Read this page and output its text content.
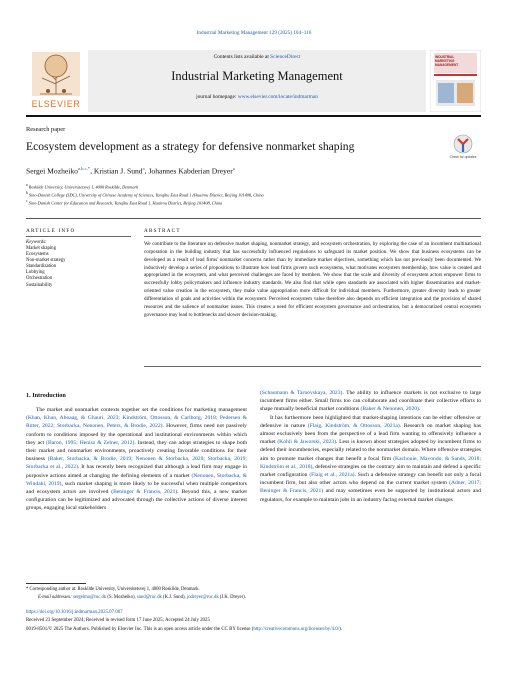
Industrial Marketing Management 129 (2025) 104–116
ELSEVIER
Contents lists available at ScienceDirect
Industrial Marketing Management
journal homepage: www.elsevier.com/locate/indmarman
INDUSTRIAL
MARKETING
MANAGEMENT
Research paper
Ecosystem development as a strategy for defensive nonmarket shaping
Check for updates
Sergei Mozheiko$^{a,b,c,*}$, Kristian J. Sund$^a$, Johannes Kabderian Dreyer$^a$
$^a$ Roskilde University, Universitetsvej 1, 4000 Roskilde, Denmark
$^b$ Sino-Danish College (SDC), University of Chinese Academy of Sciences, Yanqihu East Road 1 (Huairou District, Beijing 101408, China
$^c$ Sino-Danish Center for Education and Research, Yanqihu East Road 1, Huairou District, Beijing 101408, China
ARTICLE INFO
Keywords:
Market shaping
Ecosystems
Non-market strategy
Standardization
Lobbying
Orchestration
Sustainability
ABSTRACT
We contribute to the literature on defensive market shaping, nonmarket strategy, and ecosystem orchestration, by exploring the case of an incumbent multinational corporation in the building industry that has successfully influenced regulations to safeguard its market position. We show that business ecosystems can be developed as a result of lead firms' nonmarket concerns rather than by immediate market objectives, something which has not previously been documented. We inductively develop a series of propositions to illustrate how lead firms govern such ecosystems, what motivates ecosystem membership, how value is created and appropriated in the ecosystem, and what perceived challenges are faced by members. We show that the scale and diversity of ecosystem actors empower firms to successfully lobby policymakers and influence industry standards. We also find that while open standards are associated with higher dissemination and market-oriented value creation in the ecosystem, they make value appropriation more difficult for individual members. Furthermore, greater diversity leads to greater differentiation of goals and activities within the ecosystem. Perceived ecosystem value therefore also depends on efficient integration and the provision of shared resources and the salience of nonmarket issues. This creates a need for efficient ecosystem governance and orchestration, but a democratized central ecosystem governance may lead to bottlenecks and slower decision-making.
1. Introduction

The market and nonmarket contexts together set the conditions for marketing management (Khan, Khan, Aboaag, & Ghauri, 2023; Kindström, Ottosson, & Carlborg, 2018; Pedersen & Ritter, 2022; Storbacka, Nenonen, Peters, & Brodie, 2022). However, firms need not passively conform to conditions imposed by the operational and institutional environments within which they act (Baron, 1995; Henisz & Zelner, 2012). Instead, they can adopt strategies to shape both their market and nonmarket environments, proactively creating favorable conditions for their business (Baker, Storbacka, & Brodie, 2019; Nenonen & Storbacka, 2020; Storbacka, 2019; Storbacka et al., 2022). It has recently been recognized that although a lead firm may engage in purposive actions aimed at changing the defining elements of a market (Nenonen, Storbacka, & Windahl, 2019), such market shaping is more likely to be successful when multiple competitors and ecosystem actors are involved (Beninger & Francis, 2021). Beyond this, a new market configuration can be legitimized and advocated through the collective actions of diverse interest groups, engaging local stakeholders

(Schaumann & Tarnovskaya, 2023). The ability to influence markets is not exclusive to large incumbent firms either. Small firms too can collaborate and coordinate their collective efforts to shape mutually beneficial market conditions (Baker & Nenonen, 2020).

It has furthermore been highlighted that market-shaping intentions can be either offensive or defensive in nature (Flaig, Kindström, & Ottosson, 2021a). Research on market shaping has almost exclusively been from the perspective of a lead firm wanting to offensively influence a market (Kohli & Jaworski, 2023). Less is known about strategies adopted by incumbent firms to defend their incumbencies, especially related to the nonmarket domain. Where offensive strategies aim to promote market changes that benefit a focal firm (Kachouie, Mavondo, & Sands, 2018; Kindström et al., 2018), defensive strategies on the contrary aim to maintain and defend a specific market configuration (Flaig et al., 2021a). Such a defensive strategy can benefit not only a focal incumbent firm, but also other actors who depend on the current market system (Adner, 2017; Beninger & Francis, 2021) and may sometimes even be supported by institutional actors and regulators, for example to maintain jobs in an industry facing external market changes

* Corresponding author at: Roskilde University, Universitetsvej 1, 4000 Roskilde, Denmark.
E-mail addresses: sergeimo@ruc.dk (S. Mozheiko), sund@ruc.dk (K.J. Sund), jodreyer@ruc.dk (J.K. Dreyer).
https://doi.org/10.1016/j.indmarman.2025.07.007
Received 23 September 2024; Received in revised form 17 June 2025; Accepted 24 July 2025
0019-8501/© 2025 The Authors. Published by Elsevier Inc. This is an open access article under the CC BY license (http://creativecommons.org/licenses/by/4.0/).
